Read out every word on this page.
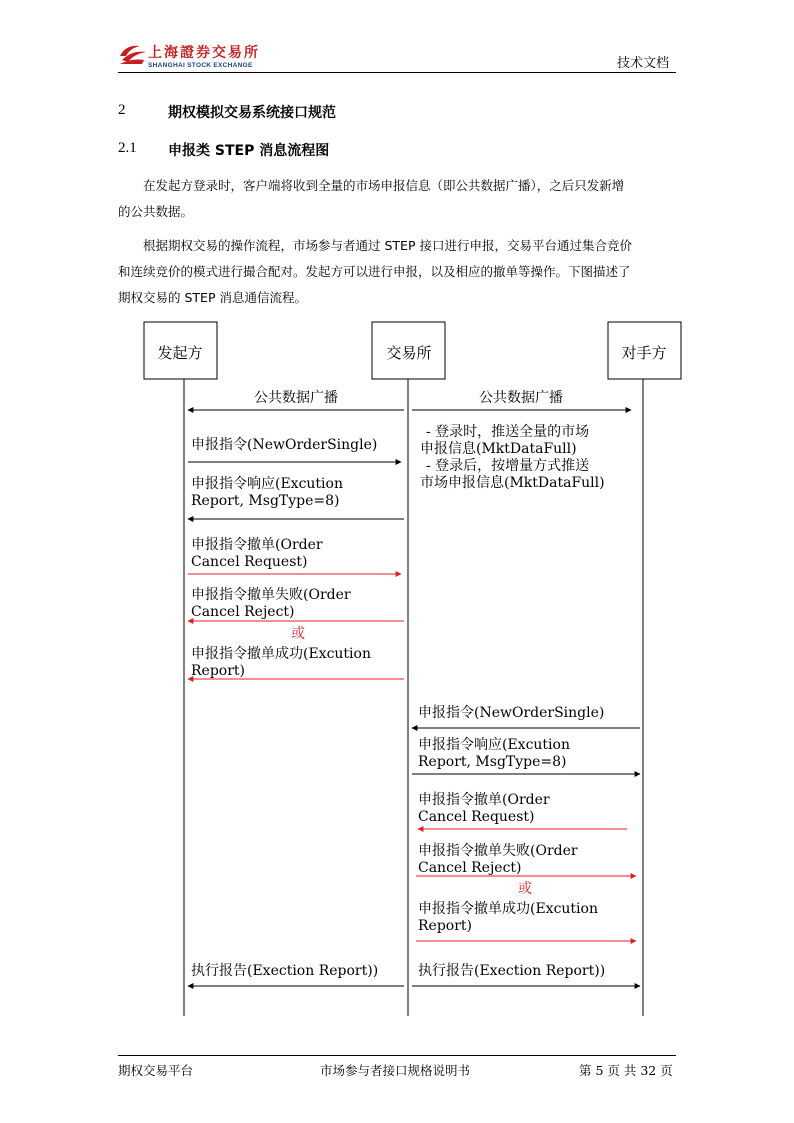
上海證券交易所
SHANGHAI STOCK EXCHANGE	技术文档
2	期权模拟交易系统接口规范
2.1 申报类 STEP 消息流程图
在发起方登录时，客户端将收到全量的市场申报信息（即公共数据广播），之后只发新增
的公共数据。
根据期权交易的操作流程，市场参与者通过 STEP 接口进行申报，交易平台通过集合竞价
和连续竞价的模式进行撮合配对。发起方可以进行申报，以及相应的撤单等操作。下图描述了
期权交易的 STEP 消息通信流程。
发起方	交易所	对手方
公共数据广播
申报指令(NewOrderSingle)
申报指令响应(Excution
Report, MsgType=8)
申报指令撤单(Order
Cancel Request)
申报指令撤单失败(Order
Cancel Reject)
或
申报指令撤单成功(Excution
Report)
公共数据广播
- 登录时，推送全量的市场
申报信息(MktDataFull)
- 登录后，按增量方式推送
市场申报信息(MktDataFull)
申报指令(NewOrderSingle)
申报指令响应(Excution
Report, MsgType=8)
申报指令撤单(Order
Cancel Request)
申报指令撤单失败(Order
Cancel Reject)
或
申报指令撤单成功(Excution
Report)
执行报告(Exection Report))	执行报告(Exection Report))
期权交易平台	市场参与者接口规格说明书	第 5 页 共 32 页
